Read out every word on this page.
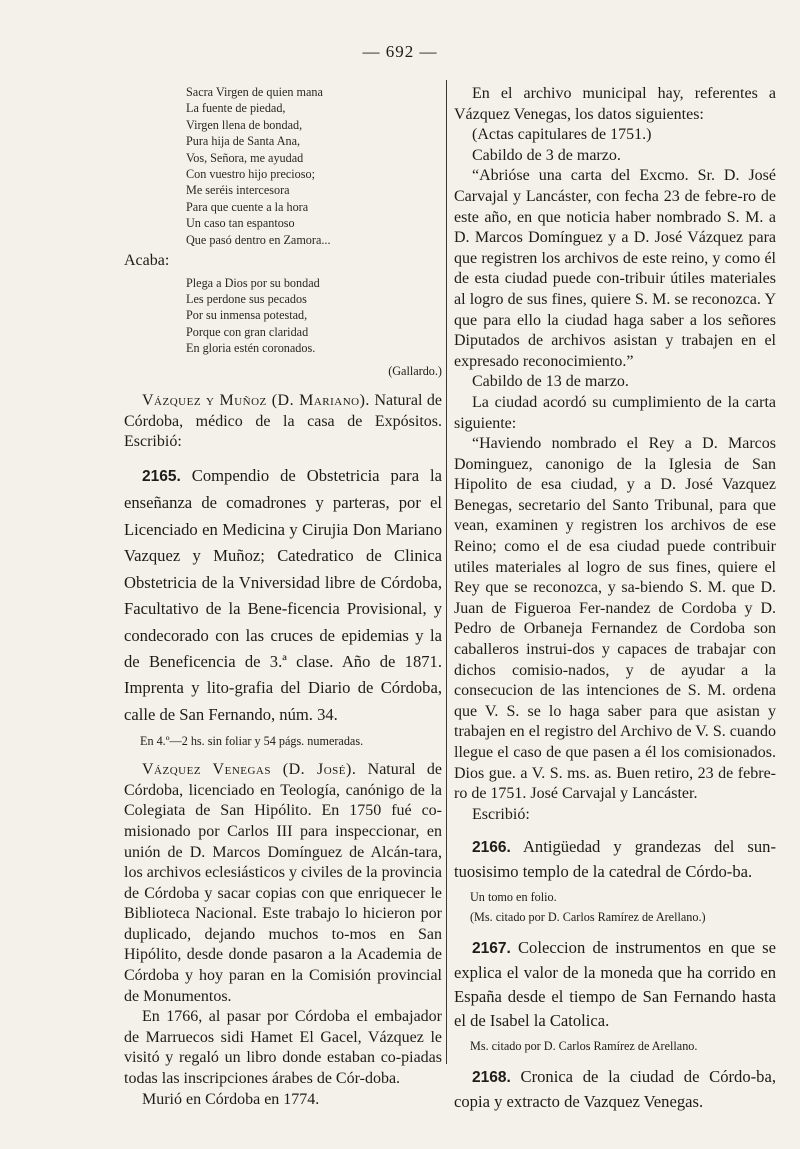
— 692 —
Sacra Virgen de quien mana
La fuente de piedad,
Virgen llena de bondad,
Pura hija de Santa Ana,
Vos, Señora, me ayudad
Con vuestro hijo precioso;
Me seréis intercesora
Para que cuente a la hora
Un caso tan espantoso
Que pasó dentro en Zamora...
Acaba:
Plega a Dios por su bondad
Les perdone sus pecados
Por su inmensa potestad,
Porque con gran claridad
En gloria estén coronados.
(Gallardo.)

Vázquez y Muñoz (D. Mariano). Natural de Córdoba, médico de la casa de Expósitos. Escribió:

2165. Compendio de Obstetricia para la enseñanza de comadrones y parteras, por el Licenciado en Medicina y Cirujia Don Mariano Vazquez y Muñoz; Catedratico de Clinica Obstetricia de la Vniversidad libre de Córdoba, Facultativo de la Bene-ficencia Provisional, y condecorado con las cruces de epidemias y la de Beneficencia de 3.ª clase. Año de 1871. Imprenta y lito-grafia del Diario de Córdoba, calle de San Fernando, núm. 34.
En 4.º—2 hs. sin foliar y 54 págs. numeradas.

Vázquez Venegas (D. José). Natural de Córdoba, licenciado en Teología, canónigo de la Colegiata de San Hipólito. En 1750 fué co-misionado por Carlos III para inspeccionar, en unión de D. Marcos Domínguez de Alcán-tara, los archivos eclesiásticos y civiles de la provincia de Córdoba y sacar copias con que enriquecer le Biblioteca Nacional. Este trabajo lo hicieron por duplicado, dejando muchos to-mos en San Hipólito, desde donde pasaron a la Academia de Córdoba y hoy paran en la Comisión provincial de Monumentos.

En 1766, al pasar por Córdoba el embajador de Marruecos sidi Hamet El Gacel, Vázquez le visitó y regaló un libro donde estaban co-piadas todas las inscripciones árabes de Cór-doba.

Murió en Córdoba en 1774.

En el archivo municipal hay, referentes a Vázquez Venegas, los datos siguientes:

(Actas capitulares de 1751.)

Cabildo de 3 de marzo.

“Abrióse una carta del Excmo. Sr. D. José Carvajal y Lancáster, con fecha 23 de febre-ro de este año, en que noticia haber nombrado S. M. a D. Marcos Domínguez y a D. José Vázquez para que registren los archivos de este reino, y como él de esta ciudad puede con-tribuir útiles materiales al logro de sus fines, quiere S. M. se reconozca. Y que para ello la ciudad haga saber a los señores Diputados de archivos asistan y trabajen en el expresado reconocimiento.”

Cabildo de 13 de marzo.

La ciudad acordó su cumplimiento de la carta siguiente:

“Haviendo nombrado el Rey a D. Marcos Dominguez, canonigo de la Iglesia de San Hipolito de esa ciudad, y a D. José Vazquez Benegas, secretario del Santo Tribunal, para que vean, examinen y registren los archivos de ese Reino; como el de esa ciudad puede contribuir utiles materiales al logro de sus fines, quiere el Rey que se reconozca, y sa-biendo S. M. que D. Juan de Figueroa Fer-nandez de Cordoba y D. Pedro de Orbaneja Fernandez de Cordoba son caballeros instrui-dos y capaces de trabajar con dichos comisio-nados, y de ayudar a la consecucion de las intenciones de S. M. ordena que V. S. se lo haga saber para que asistan y trabajen en el registro del Archivo de V. S. cuando llegue el caso de que pasen a él los comisionados. Dios gue. a V. S. ms. as. Buen retiro, 23 de febre-ro de 1751. José Carvajal y Lancáster.

Escribió:

2166. Antigüedad y grandezas del sun-tuosisimo templo de la catedral de Córdo-ba.
Un tomo en folio.
(Ms. citado por D. Carlos Ramírez de Arellano.)
2167. Coleccion de instrumentos en que se explica el valor de la moneda que ha corrido en España desde el tiempo de San Fernando hasta el de Isabel la Catolica.
Ms. citado por D. Carlos Ramírez de Arellano.
2168. Cronica de la ciudad de Córdo-ba, copia y extracto de Vazquez Venegas.
